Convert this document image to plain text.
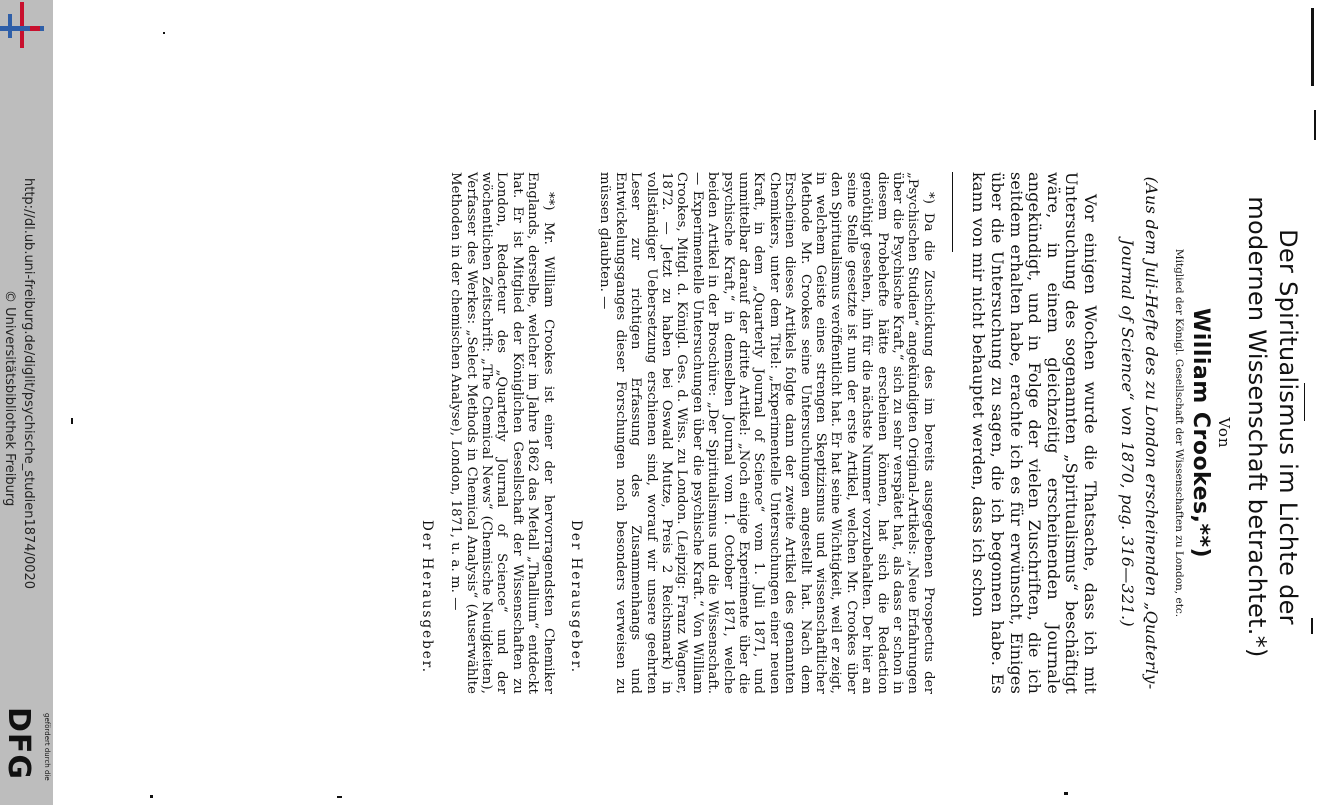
http://dl.ub.uni-freiburg.de/diglit/psychische_studien1874/0020
© Universitätsbibliothek Freiburg
DFG gefördert durch die
Der Spiritualismus im Lichte der modernen Wissenschaft betrachtet.*)
Von
William Crookes,**)
Mitglied der Königl. Gesellschaft der Wissenschaften zu London, etc.
(Aus dem Juli-Hefte des zu London erscheinenden „Quaterly-Journal of Science“ von 1870, pag. 316—321.)

Vor einigen Wochen wurde die Thatsache, dass ich mit Untersuchung des sogenannten „Spiritualismus“ beschäftigt wäre, in einem gleichzeitig erscheinenden Journale angekündigt, und in Folge der vielen Zuschriften, die ich seitdem erhalten habe, erachte ich es für erwünscht, Einiges über die Untersuchung zu sagen, die ich begonnen habe. Es kann von mir nicht behauptet werden, dass ich schon

*) Da die Zuschickung des im bereits ausgegebenen Prospectus der „Psychischen Studien“ angekündigten Original-Artikels: „Neue Erfahrungen über die Psychische Kraft,“ sich zu sehr verspätet hat, als dass er schon in diesem Probehefte hätte erscheinen können, hat sich die Redaction genöthigt gesehen, ihn für die nächste Nummer vorzubehalten. Der hier an seine Stelle gesetzte ist nun der erste Artikel, welchen Mr. Crookes über den Spiritualismus veröffentlicht hat. Er hat seine Wichtigkeit, weil er zeigt, in welchem Geiste eines strengen Skeptizismus und wissenschaftlicher Methode Mr. Crookes seine Untersuchungen angestellt hat. Nach dem Erscheinen dieses Artikels folgte dann der zweite Artikel des genannten Chemikers, unter dem Titel: „Experimentelle Untersuchungen einer neuen Kraft, in dem „Quarterly Journal of Science“ vom 1. Juli 1871, und unmittelbar darauf der dritte Artikel: „Noch einige Experimente über die psychische Kraft,“ in demselben Journal vom 1. October 1871, welche beiden Artikel in der Broschüre: „Der Spiritualismus und die Wissenschaft. — Experimentelle Untersuchungen über die psychische Kraft.“ Von William Crookes, Mitgl. d. Königl. Ges. d. Wiss. zu London. (Leipzig: Franz Wagner, 1872. — Jetzt zu haben bei Oswald Mutze, Preis 2 Reichsmark) in vollständiger Uebersetzung erschienen sind, worauf wir unsere geehrten Leser zur richtigen Erfassung des Zusammenhangs und Entwickelungsganges dieser Forschungen noch besonders verweisen zu müssen glaubten. —

Der Herausgeber.

**) Mr. William Crookes ist einer der hervorragendsten Chemiker Englands, derselbe, welcher im Jahre 1862 das Metall „Thallium“ entdeckt hat. Er ist Mitglied der Königlichen Gesellschaft der Wissenschaften zu London, Redacteur des „Quarterly Journal of Science“ und der wöchentlichen Zeitschrift: „The Chemical News“ (Chemische Neuigkeiten), Verfasser des Werkes: „Select Methods in Chemical Analysis“ (Auserwählte Methoden in der chemischen Analyse), London, 1871, u. a. m. —

Der Herausgeber.
